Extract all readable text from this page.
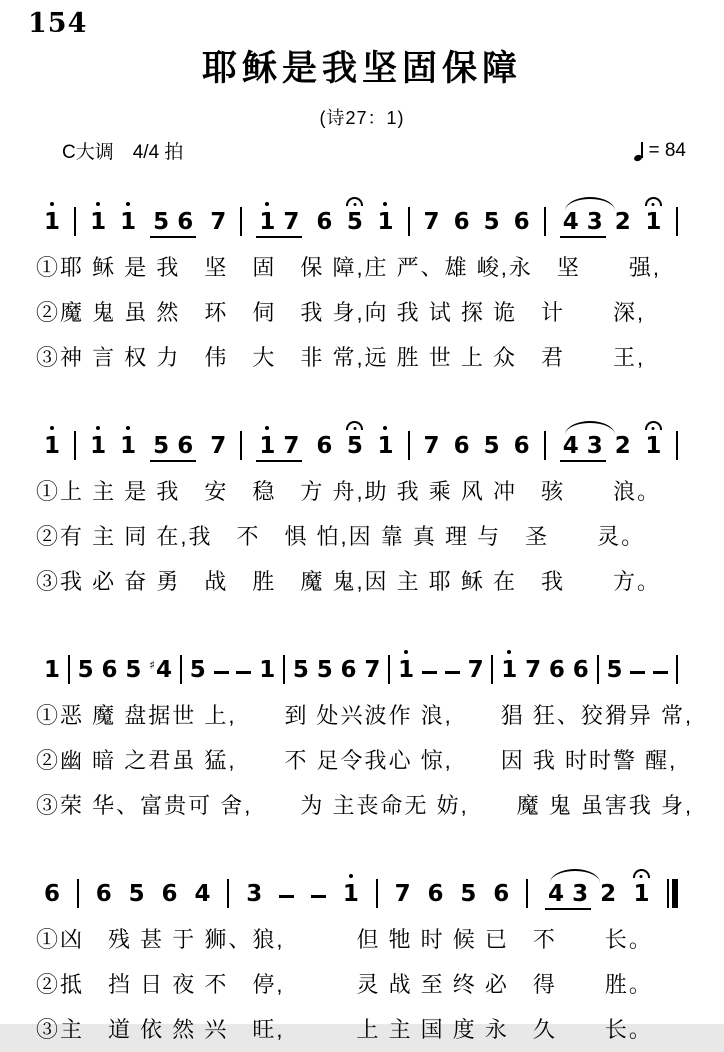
154
耶稣是我坚固保障
(诗27：1)
C大调　4/4 拍	= 84
1 1 1 5 6 7 1 7 6 5 1 7 6 5 6 4 3 2 1

①耶 稣 是 我　坚　固　保 障,庄 严、雄 峻,永　坚　　强,

②魔 鬼 虽 然　环　伺　我 身,向 我 试 探 诡　计　　深,

③神 言 权 力　伟　大　非 常,远 胜 世 上 众　君　　王,

1 1 1 5 6 7 1 7 6 5 1 7 6 5 6 4 3 2 1

①上 主 是 我　安　稳　方 舟,助 我 乘 风 冲　骇　　浪。

②有 主 同 在,我　不　惧 怕,因 靠 真 理 与　圣　　灵。

③我 必 奋 勇　战　胜　魔 鬼,因 主 耶 稣 在　我　　方。

1 5 6 5 ♯4 5 1 5 5 6 7 1 7 1 7 6 6 5

①恶 魔 盘据世 上,　　到 处兴波作 浪,　　猖 狂、狡猾异 常,

②幽 暗 之君虽 猛,　　不 足令我心 惊,　　因 我 时时警 醒,

③荣 华、富贵可 舍,　　为 主丧命无 妨,　　魔 鬼 虽害我 身,

6 6 5 6 4 3	1 7 6 5 6 4 3 2 1

①凶　残 甚 于 狮、狼,　　　但 牠 时 候 已　不　　长。

②抵　挡 日 夜 不　停,　　　灵 战 至 终 必　得　　胜。

③主　道 依 然 兴　旺,　　　上 主 国 度 永　久　　长。
